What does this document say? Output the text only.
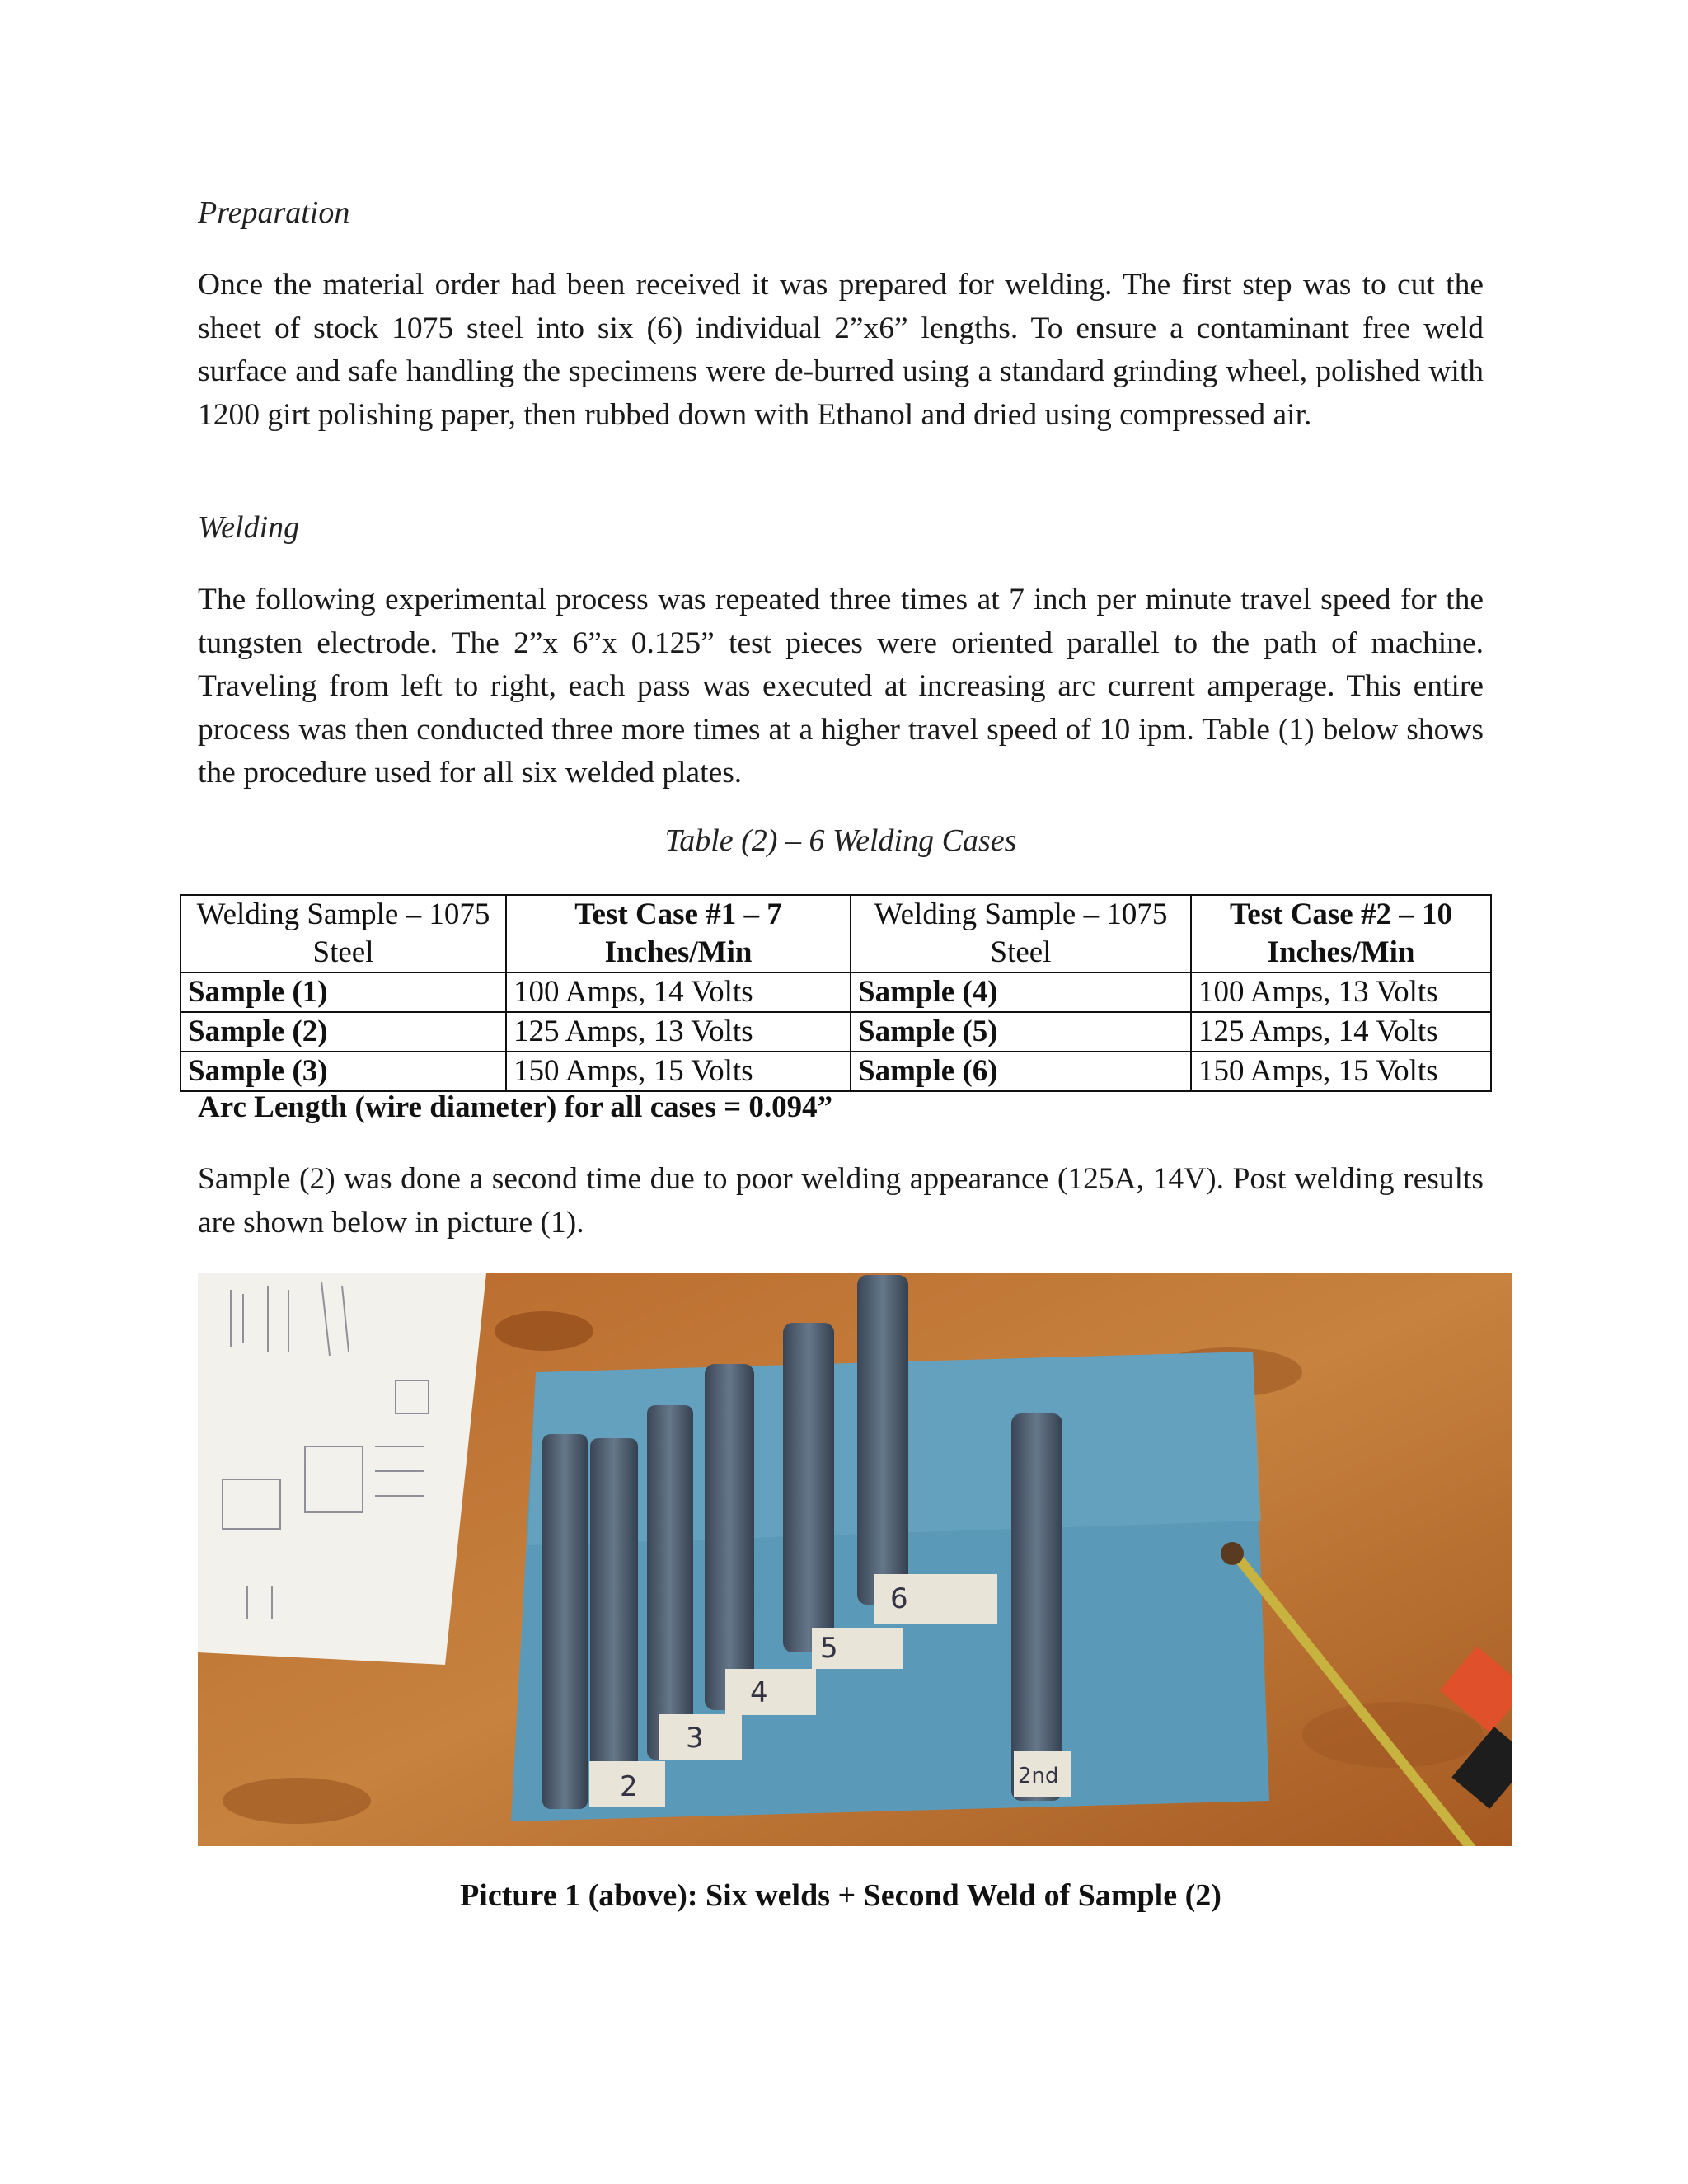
Preparation
Once the material order had been received it was prepared for welding. The first step was to cut the sheet of stock 1075 steel into six (6) individual 2”x6” lengths. To ensure a contaminant free weld surface and safe handling the specimens were de-burred using a standard grinding wheel, polished with 1200 girt polishing paper, then rubbed down with Ethanol and dried using compressed air.
Welding
The following experimental process was repeated three times at 7 inch per minute travel speed for the tungsten electrode. The 2”x 6”x 0.125” test pieces were oriented parallel to the path of machine. Traveling from left to right, each pass was executed at increasing arc current amperage. This entire process was then conducted three more times at a higher travel speed of 10 ipm. Table (1) below shows the procedure used for all six welded plates.
Table (2) – 6 Welding Cases
Welding Sample – 1075 Steel	Test Case #1 – 7 Inches/Min	Welding Sample – 1075 Steel	Test Case #2 – 10 Inches/Min
Sample (1)	100 Amps, 14 Volts	Sample (4)	100 Amps, 13 Volts
Sample (2)	125 Amps, 13 Volts	Sample (5)	125 Amps, 14 Volts
Sample (3)	150 Amps, 15 Volts	Sample (6)	150 Amps, 15 Volts
Arc Length (wire diameter) for all cases = 0.094”
Sample (2) was done a second time due to poor welding appearance (125A, 14V). Post welding results are shown below in picture (1).
2
3
4
5
6
2nd
Picture 1 (above): Six welds + Second Weld of Sample (2)
